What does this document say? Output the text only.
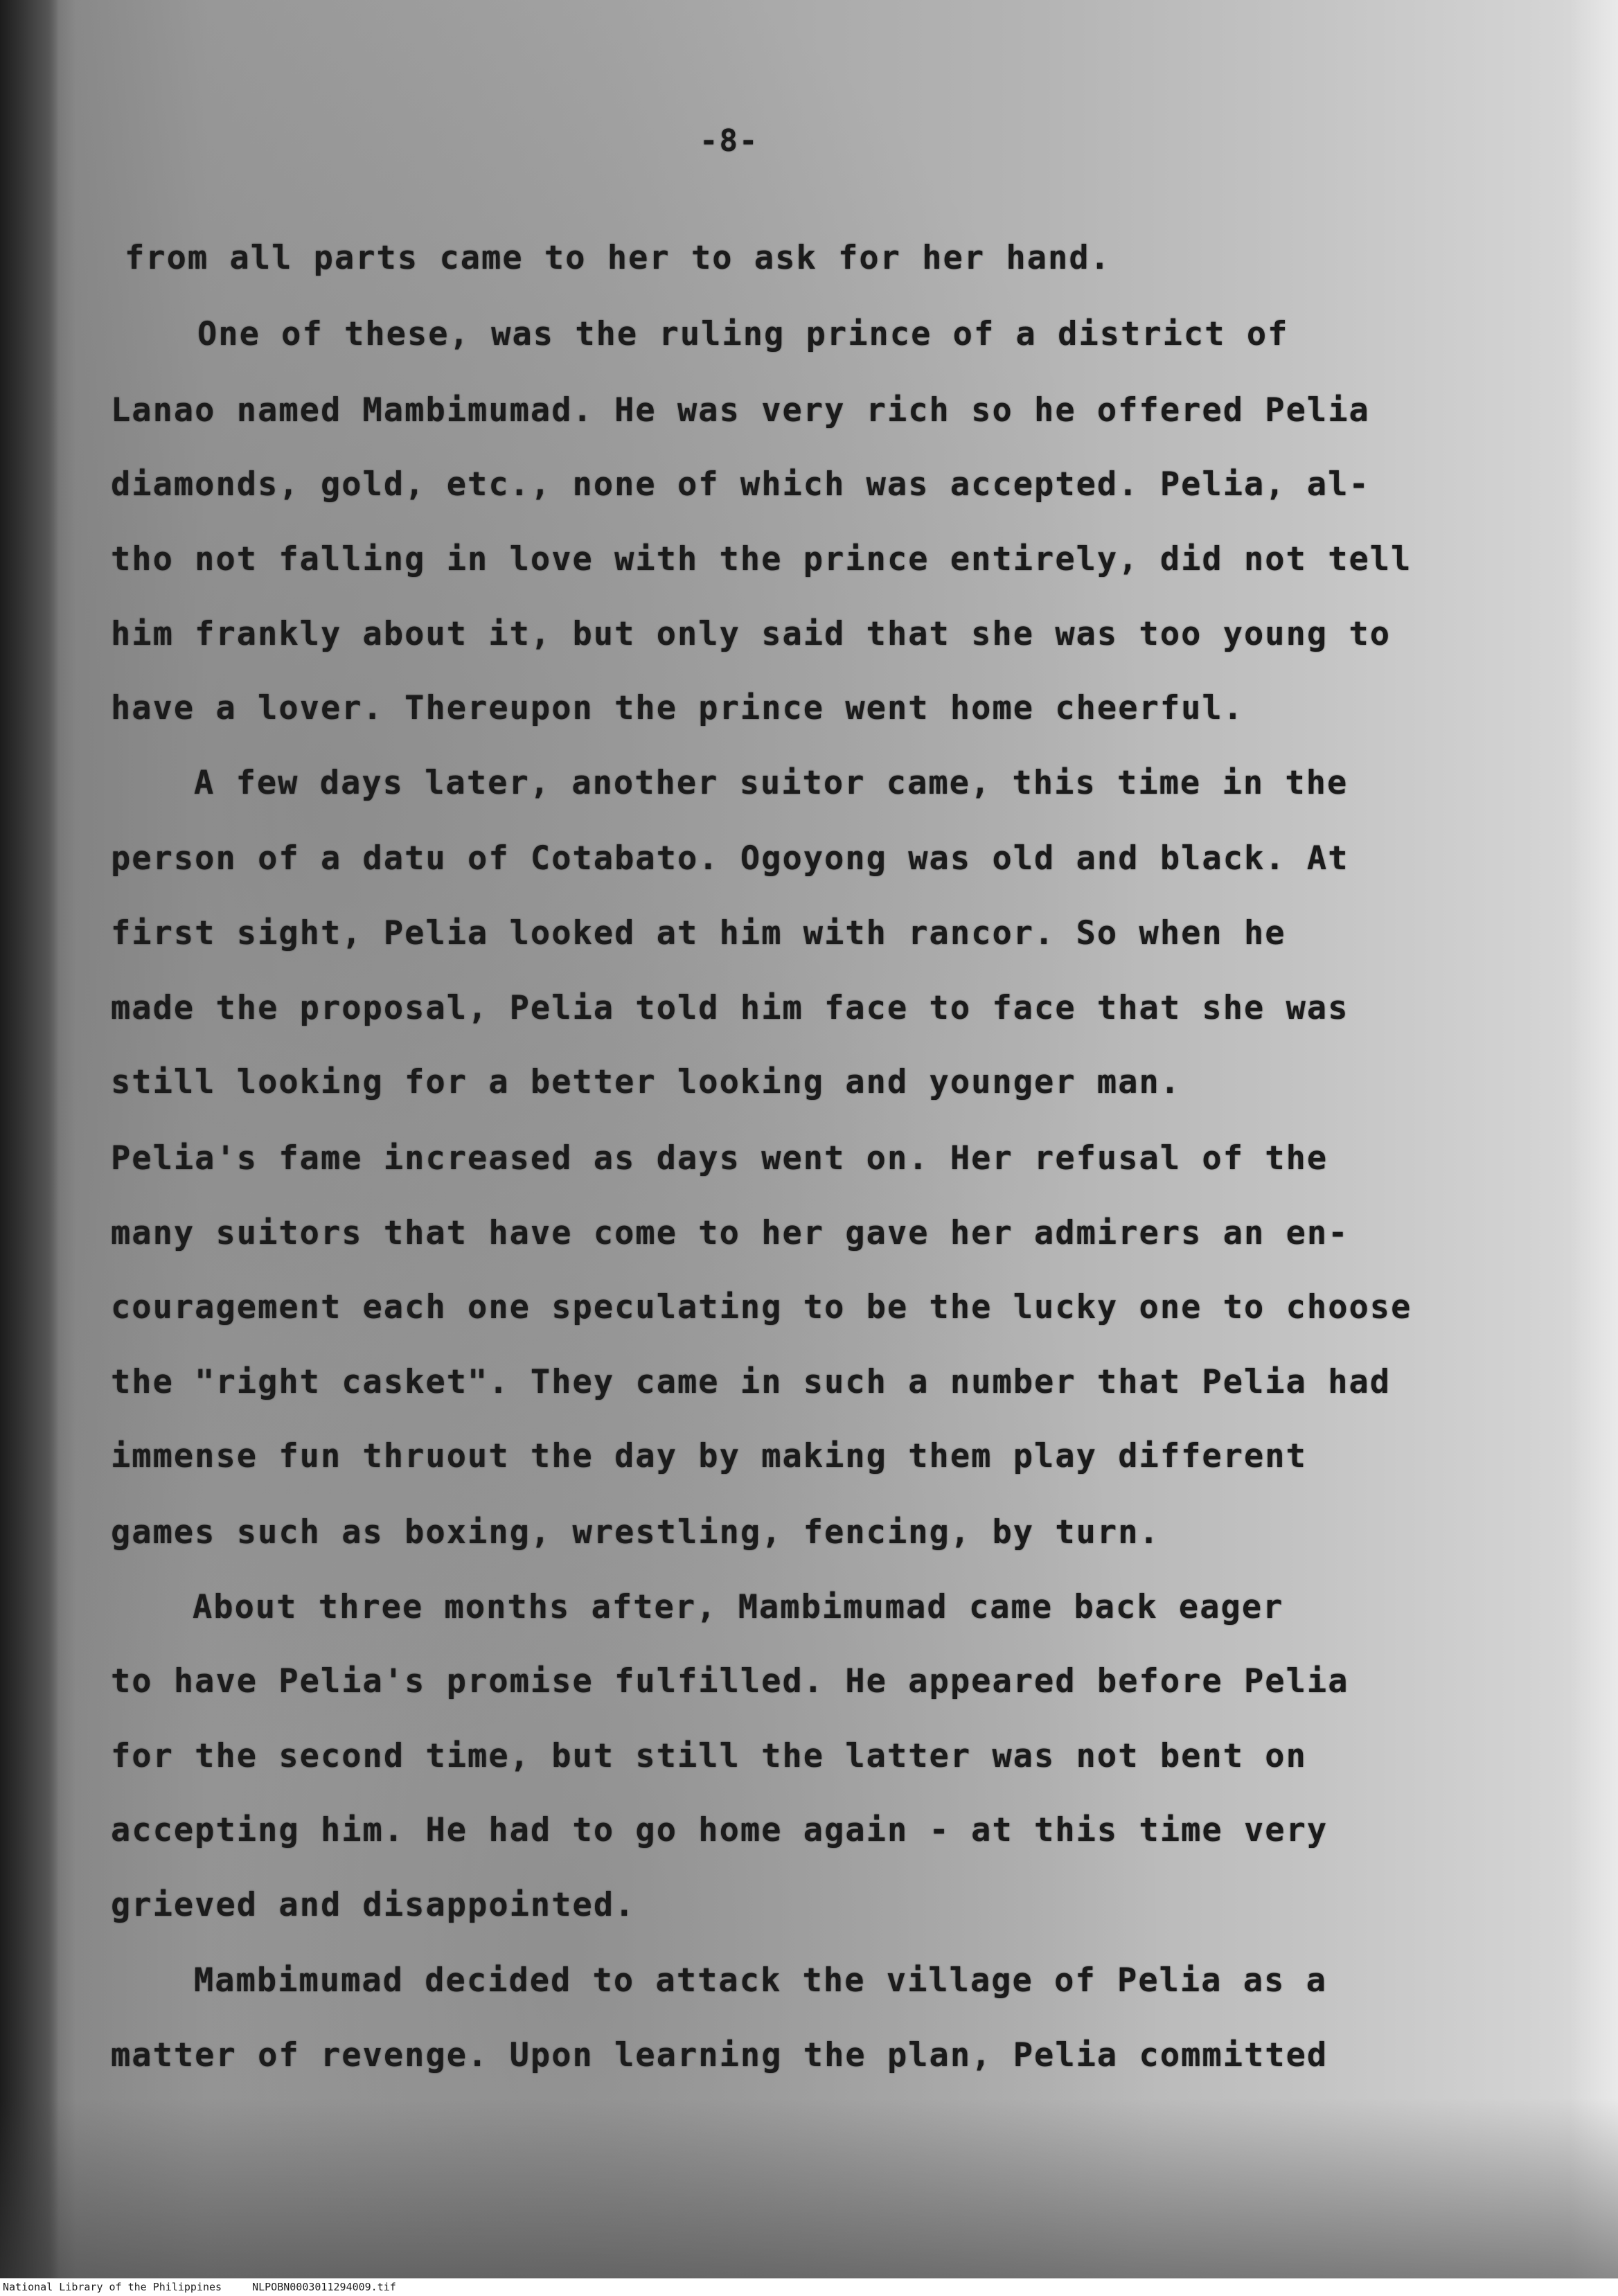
-8-
from all parts came to her to ask for her hand.
One of these, was the ruling prince of a district of
Lanao named Mambimumad. He was very rich so he offered Pelia
diamonds, gold, etc., none of which was accepted. Pelia, al-
tho not falling in love with the prince entirely, did not tell
him frankly about it, but only said that she was too young to
have a lover. Thereupon the prince went home cheerful.
A few days later, another suitor came, this time in the
person of a datu of Cotabato. Ogoyong was old and black. At
first sight, Pelia looked at him with rancor. So when he
made the proposal, Pelia told him face to face that she was
still looking for a better looking and younger man.
Pelia's fame increased as days went on. Her refusal of the
many suitors that have come to her gave her admirers an en-
couragement each one speculating to be the lucky one to choose
the "right casket". They came in such a number that Pelia had
immense fun thruout the day by making them play different
games such as boxing, wrestling, fencing, by turn.
About three months after, Mambimumad came back eager
to have Pelia's promise fulfilled. He appeared before Pelia
for the second time, but still the latter was not bent on
accepting him. He had to go home again - at this time very
grieved and disappointed.
Mambimumad decided to attack the village of Pelia as a
matter of revenge. Upon learning the plan, Pelia committed
National Library of the Philippines	NLPOBN0003011294009.tif
